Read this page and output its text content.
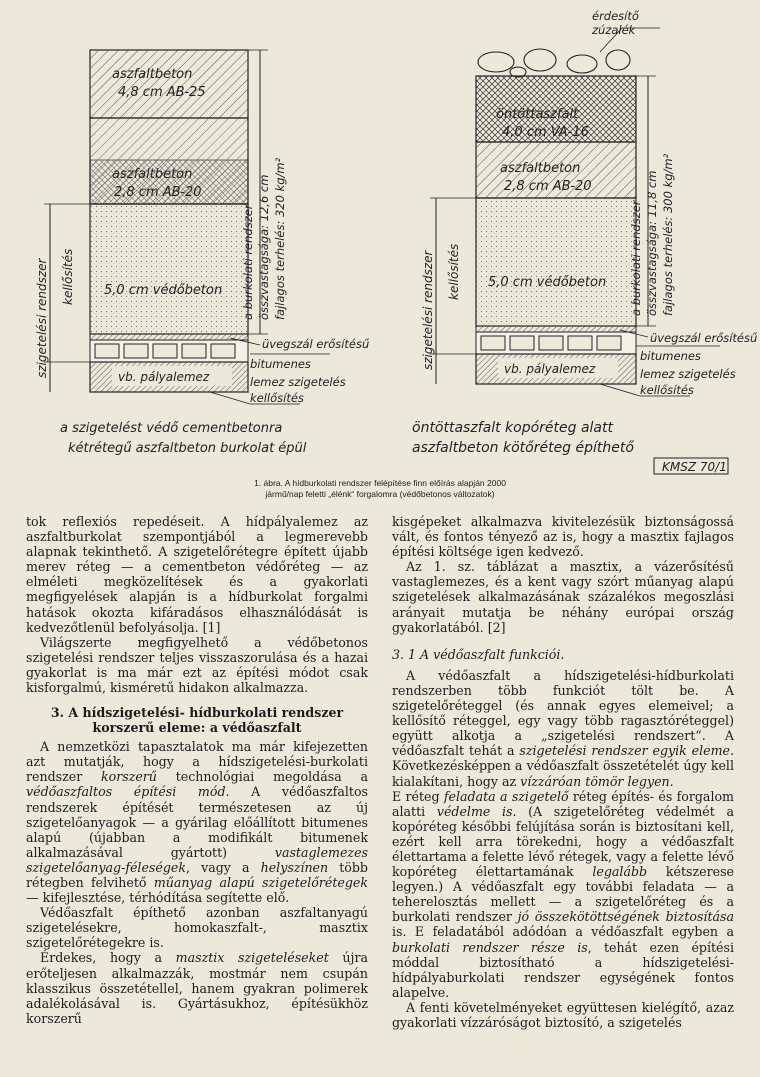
aszfaltbeton
4,8 cm AB-25
aszfaltbeton
2,8 cm AB-20
5,0 cm védőbeton
vb. pályalemez
szigetelési rendszer kellősítés	a burkolati rendszer összvastagsága: 12,6 cm fajlagos terhelés: 320 kg/m²
üvegszál erősítésű
bitumenes
lemez szigetelés
kellősítés
a szigetelést védő cementbetonra
kétrétegű aszfaltbeton burkolat épül
érdesítő
zúzalék
öntöttaszfalt
4,0 cm VA-16
aszfaltbeton
2,8 cm AB-20
5,0 cm védőbeton
vb. pályalemez
szigetelési rendszer kellősítés	a burkolati rendszer összvastagsága: 11,8 cm fajlagos terhelés: 300 kg/m²
üvegszál erősítésű
bitumenes
lemez szigetelés
kellősítés
öntöttaszfalt kopóréteg alatt
aszfaltbeton kötőréteg építhető
KMSZ 70/1
1. ábra. A hídburkolati rendszer felépítése finn előírás alapján 2000
jármű/nap feletti „élénk“ forgalomra (védőbetonos változatok)

tok reflexiós repedéseit. A hídpályalemez az aszfaltburkolat szempontjából a legmerevebb alapnak tekinthető. A szigetelőrétegre épített újabb merev réteg — a cementbeton védőréteg — az elméleti megközelítések és a gyakorlati megfigyelések alapján is a hídburkolat forgalmi hatások okozta kifáradásos elhasználódását is kedvezőtlenül befolyásolja. [1]

Világszerte megfigyelhető a védőbetonos szigetelési rendszer teljes visszaszorulása és a hazai gyakorlat is ma már ezt az építési módot csak kisforgalmú, kisméretű hidakon alkalmazza.

3. A hídszigetelési- hídburkolati rendszer korszerű eleme: a védőaszfalt

A nemzetközi tapasztalatok ma már kifejezetten azt mutatják, hogy a hídszigetelési-burkolati rendszer korszerű technológiai megoldása a védőaszfaltos építési mód. A védőaszfaltos rendszerek építését természetesen az új szigetelőanyagok — a gyárilag előállított bitumenes alapú (újabban a modifikált bitumenek alkalmazásával gyártott) vastaglemezes szigetelőanyag-féleségek, vagy a helyszínen több rétegben felvihető műanyag alapú szigetelőrétegek — kifejlesztése, térhódítása segítette elő.

Védőaszfalt építhető azonban aszfaltanyagú szigetelésekre, homokaszfalt-, masztix szigetelőrétegekre is.

Érdekes, hogy a masztix szigeteléseket újra erőteljesen alkalmazzák, mostmár nem csupán klasszikus összetétellel, hanem gyakran polimerek adalékolásával is. Gyártásukhoz, építésükhöz korszerű

kisgépeket alkalmazva kivitelezésük biztonságossá vált, és fontos tényező az is, hogy a masztix fajlagos építési költsége igen kedvező.

Az 1. sz. táblázat a masztix, a vázerősítésű vastaglemezes, és a kent vagy szórt műanyag alapú szigetelések alkalmazásának százalékos megoszlási arányait mutatja be néhány európai ország gyakorlatából. [2]

3. 1 A védőaszfalt funkciói.

A védőaszfalt a hídszigetelési-hídburkolati rendszerben több funkciót tölt be. A szigetelőréteggel (és annak egyes elemeivel; a kellősítő réteggel, egy vagy több ragasztóréteggel) együtt alkotja a „szigetelési rendszert“. A védőaszfalt tehát a szigetelési rendszer egyik eleme. Következésképpen a védőaszfalt összetételét úgy kell kialakítani, hogy az vízzáróan tömör legyen.

E réteg feladata a szigetelő réteg építés- és forgalom alatti védelme is. (A szigetelőréteg védelmét a kopóréteg későbbi felújítása során is biztosítani kell, ezért kell arra törekedni, hogy a védőaszfalt élettartama a felette lévő rétegek, vagy a felette lévő kopóréteg élettartamának legalább kétszerese legyen.) A védőaszfalt egy további feladata — a teherelosztás mellett — a szigetelőréteg és a burkolati rendszer jó összekötöttségének biztosítása is. E feladatából adódóan a védőaszfalt egyben a burkolati rendszer része is, tehát ezen építési móddal biztosítható a hídszigetelési-hídpályaburkolati rendszer egységének fontos alapelve.

A fenti követelményeket együttesen kielégítő, azaz gyakorlati vízzáróságot biztosító, a szigetelés
